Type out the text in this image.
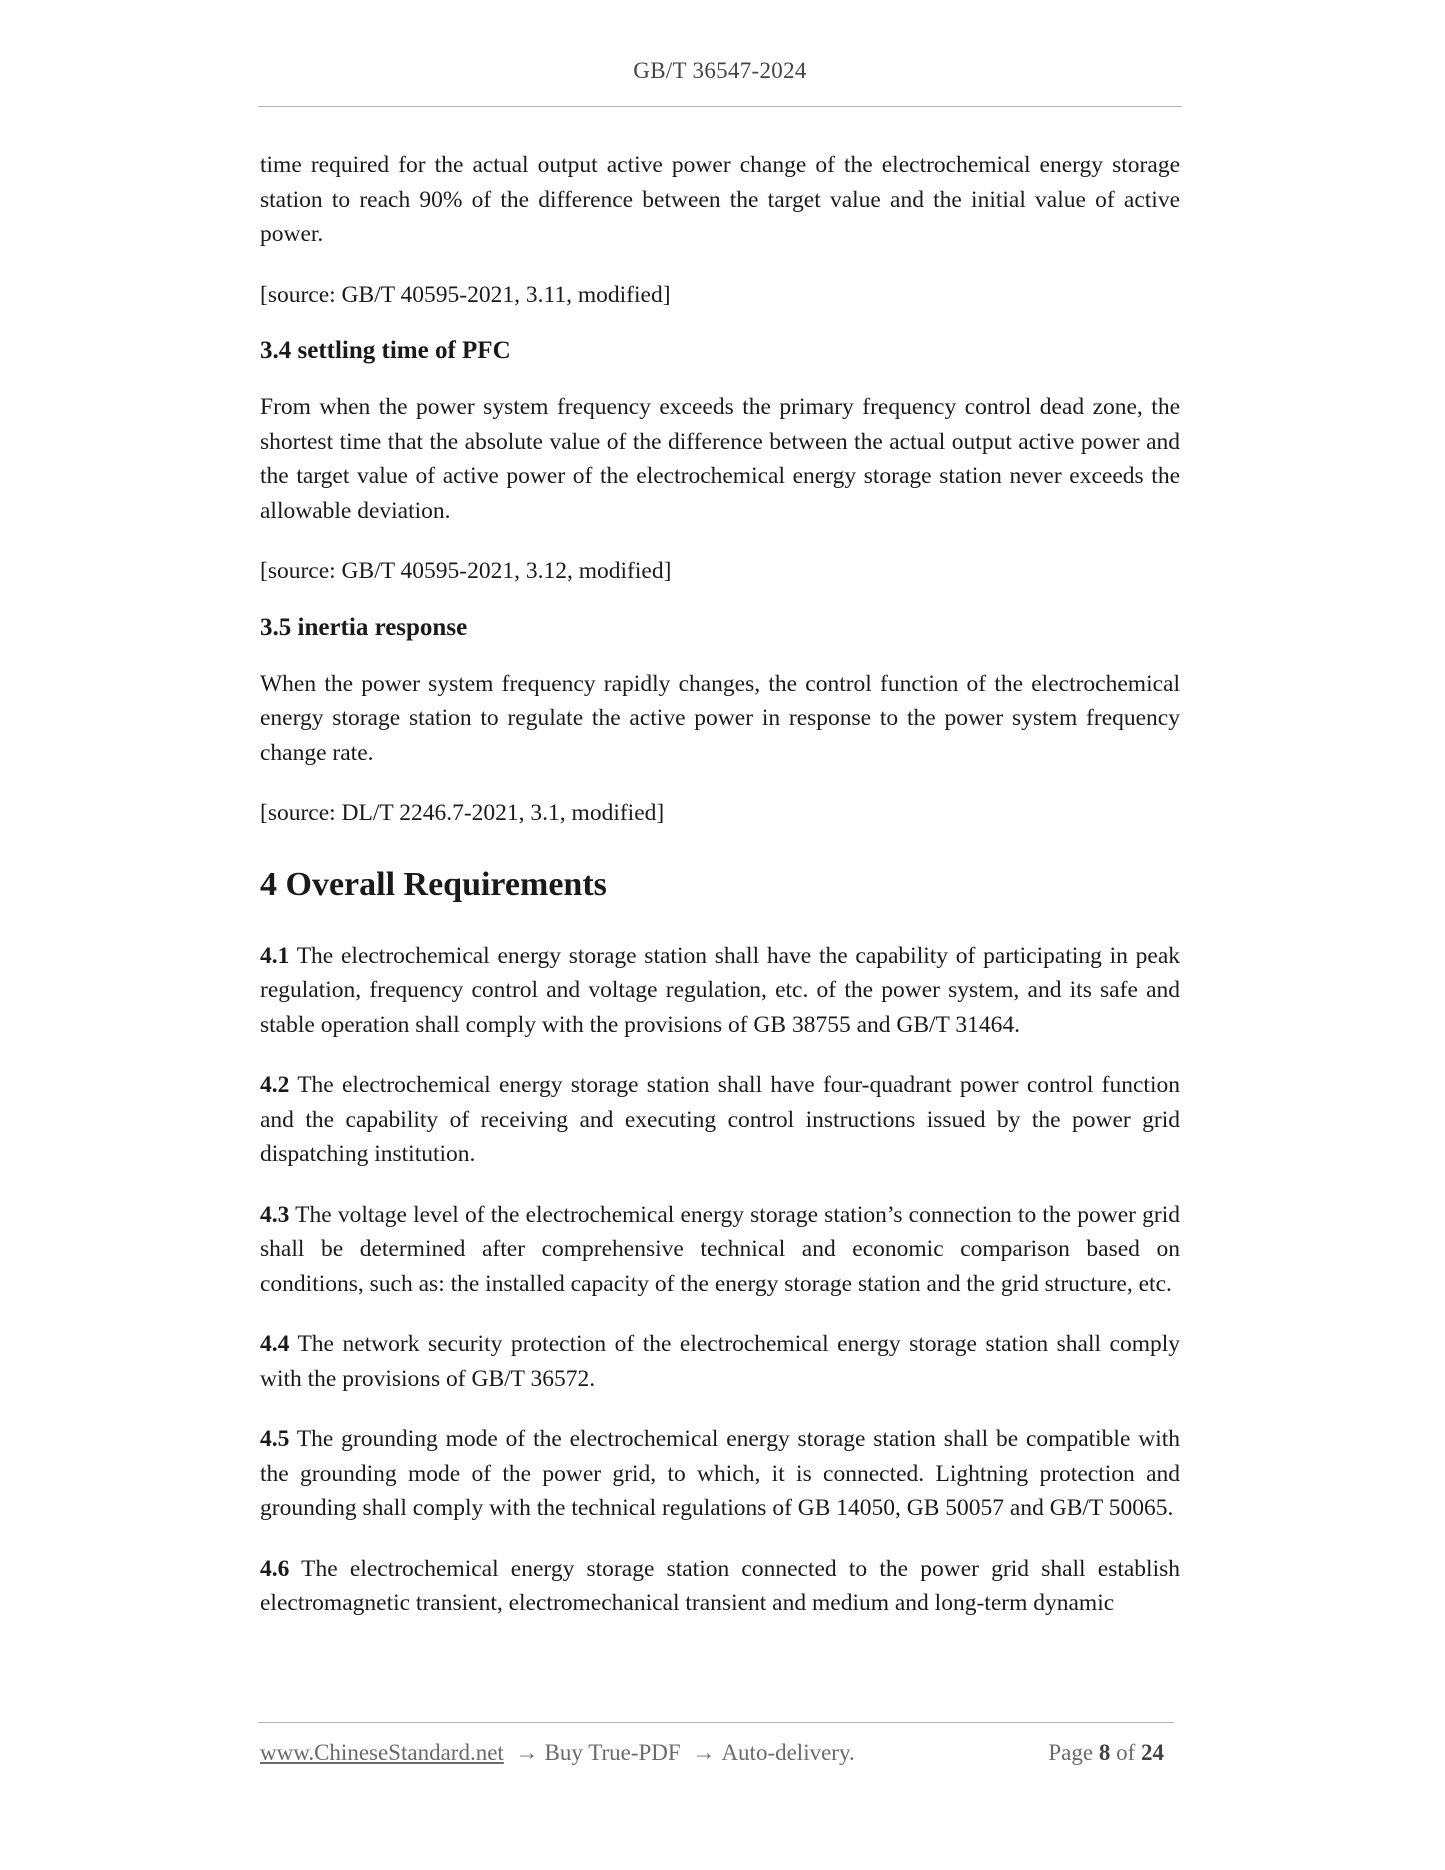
GB/T 36547-2024

time required for the actual output active power change of the electrochemical energy storage station to reach 90% of the difference between the target value and the initial value of active power.

[source: GB/T 40595-2021, 3.11, modified]

3.4 settling time of PFC

From when the power system frequency exceeds the primary frequency control dead zone, the shortest time that the absolute value of the difference between the actual output active power and the target value of active power of the electrochemical energy storage station never exceeds the allowable deviation.

[source: GB/T 40595-2021, 3.12, modified]

3.5 inertia response

When the power system frequency rapidly changes, the control function of the electrochemical energy storage station to regulate the active power in response to the power system frequency change rate.

[source: DL/T 2246.7-2021, 3.1, modified]

4 Overall Requirements

4.1 The electrochemical energy storage station shall have the capability of participating in peak regulation, frequency control and voltage regulation, etc. of the power system, and its safe and stable operation shall comply with the provisions of GB 38755 and GB/T 31464.

4.2 The electrochemical energy storage station shall have four-quadrant power control function and the capability of receiving and executing control instructions issued by the power grid dispatching institution.

4.3 The voltage level of the electrochemical energy storage station’s connection to the power grid shall be determined after comprehensive technical and economic comparison based on conditions, such as: the installed capacity of the energy storage station and the grid structure, etc.

4.4 The network security protection of the electrochemical energy storage station shall comply with the provisions of GB/T 36572.

4.5 The grounding mode of the electrochemical energy storage station shall be compatible with the grounding mode of the power grid, to which, it is connected. Lightning protection and grounding shall comply with the technical regulations of GB 14050, GB 50057 and GB/T 50065.

4.6 The electrochemical energy storage station connected to the power grid shall establish electromagnetic transient, electromechanical transient and medium and long-term dynamic

www.ChineseStandard.net → Buy True-PDF → Auto-delivery.	Page 8 of 24
